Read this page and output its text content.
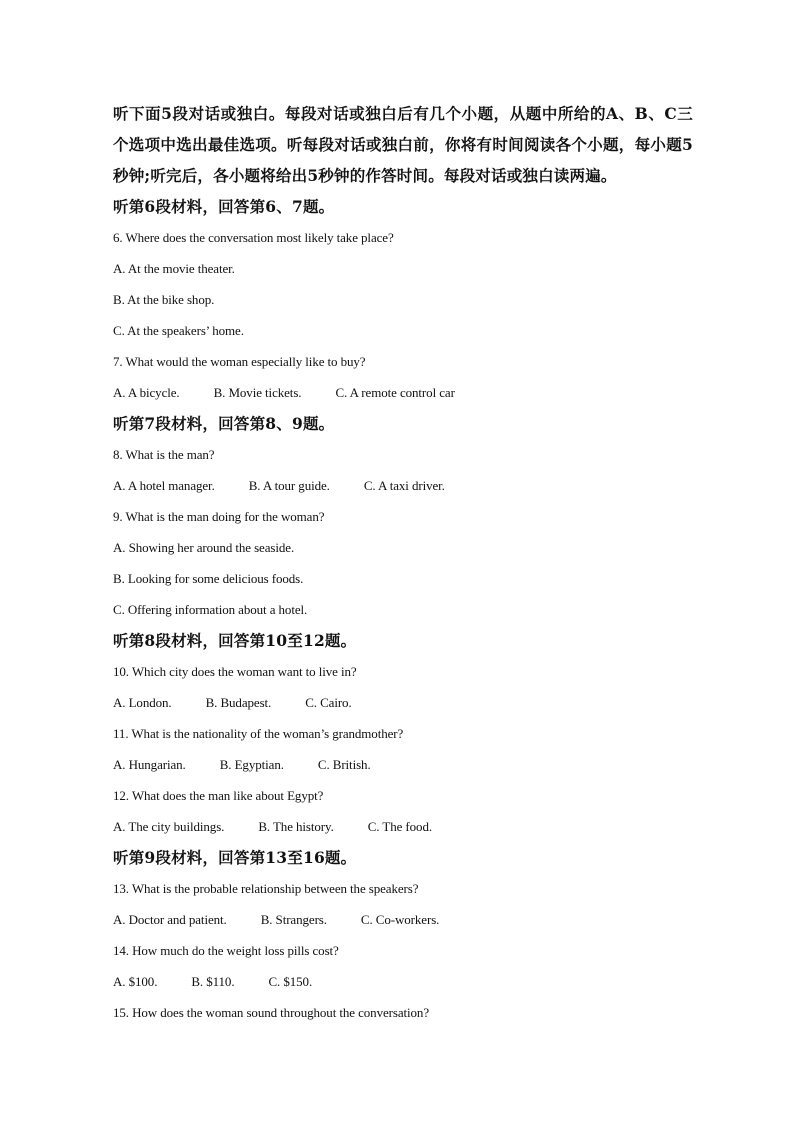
听下面5段对话或独白。每段对话或独白后有几个小题，从题中所给的A、B、C三个选项中选出最佳选项。听每段对话或独白前，你将有时间阅读各个小题，每小题5秒钟;听完后，各小题将给出5秒钟的作答时间。每段对话或独白读两遍。

听第6段材料，回答第6、7题。

6. Where does the conversation most likely take place?

A. At the movie theater.

B. At the bike shop.

C. At the speakers’ home.

7. What would the woman especially like to buy?

A. A bicycle.	B. Movie tickets.	C. A remote control car

听第7段材料，回答第8、9题。

8. What is the man?

A. A hotel manager.	B. A tour guide.	C. A taxi driver.

9. What is the man doing for the woman?

A. Showing her around the seaside.

B. Looking for some delicious foods.

C. Offering information about a hotel.

听第8段材料，回答第10至12题。

10. Which city does the woman want to live in?

A. London.	B. Budapest.	C. Cairo.

11. What is the nationality of the woman’s grandmother?

A. Hungarian.	B. Egyptian.	C. British.

12. What does the man like about Egypt?

A. The city buildings.	B. The history.	C. The food.

听第9段材料，回答第13至16题。

13. What is the probable relationship between the speakers?

A. Doctor and patient.	B. Strangers.	C. Co-workers.

14. How much do the weight loss pills cost?

A. $100.	B. $110.	C. $150.

15. How does the woman sound throughout the conversation?
